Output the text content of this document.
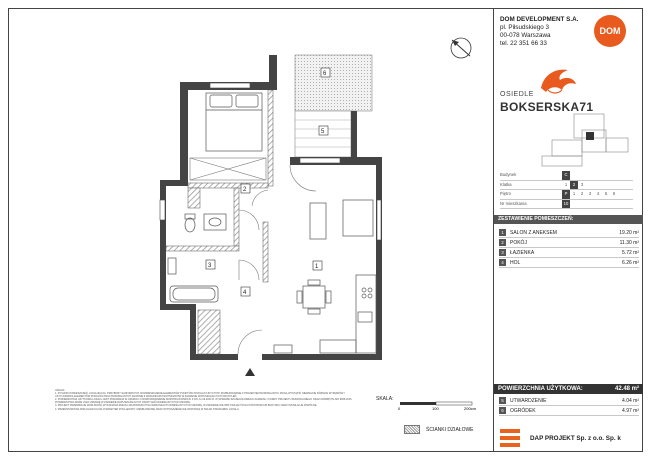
6
5
2
3	1
4

UWAGA:

1. RYSUNKI POMIESZCZEŃ, LOKALIZACJA, PRZYBORY SANITARNYCH, ROZMIESZCZENIE ELEMENTÓW PUNKTÓW INSTALACYJNYCH PP. ROZBUDOWANIE Z PROJEKTEM BUDOWLANYM. MOGĄ WYSTĄPIĆ NIEWIELKIE RÓŻNICE WYMIARÓW I USYTUOWANIA ELEMENTÓW PODCZAS PRAC BUDOWLANYCH ZGODNIE Z WARUNKAMI TECHNICZNYMI W ZAKRESIE DOPUSZCZALNYCH ODCHYLEŃ.

2. POWIERZCHNIA UŻYTKOWA LOKALU JEST PODAWANA W OPARCIU O ROZPORZĄDZENIE MINISTRA ROZWOJU Z DN. 11.09.2020 R. W SPRAWIE SZCZEGÓŁOWEGO ZAKRESU I FORMY PROJEKTU BUDOWLANEGO ORAZ NORMĘ PN-ISO 9836:2015. POWIERZCHNIA MOŻE ULEC ZMIANIE W ZAKRESIE DOPUSZCZALNYCH ODCHYLEŃ OKREŚLONYCH W UMOWIE.

3. PROJEKT PRZEWIDUJE MOŻLIWOŚĆ WYKONANIA ZMIAN LOKATORSKICH NA WARUNKACH OKREŚLONYCH W UMOWIE, W ZAKRESIE NIE WPŁYWAJĄCYM NA KONSTRUKCJĘ BUDYNKU ORAZ INSTALACJE WSPÓLNE.

4. PRZEDSTAWIONA WIZUALIZACJA MA CHARAKTER POGLĄDOWY. UMEBLOWANIE ORAZ WYPOSAŻENIE NIE WCHODZĄ W SKŁAD STANDARDU LOKALU.

SKALA:
0	100	200cm
ŚCIANKI DZIAŁOWE
DOM DEVELOPMENT S.A.
pl. Piłsudskiego 3
00-078 Warszawa
tel. 22 351 66 33
DOM
OSIEDLE
BOKSERSKA71
Budynek	C
Klatka	1	2	3
Piętro	P	1	2	3	4	5	6
Nr mieszkania	10
ZESTAWIENIE POMIESZCZEŃ:
1	SALON Z ANEKSEM	19.20 m²
2	POKÓJ	11.30 m²
3	ŁAZIENKA	5.72 m²
4	HOL	6.26 m²
POWIERZCHNIA UŻYTKOWA:	42.48 m²
5	UTWARDZENIE	4.04 m²
6	OGRÓDEK	4.97 m²
DAP PROJEKT Sp. z o.o. Sp. k
